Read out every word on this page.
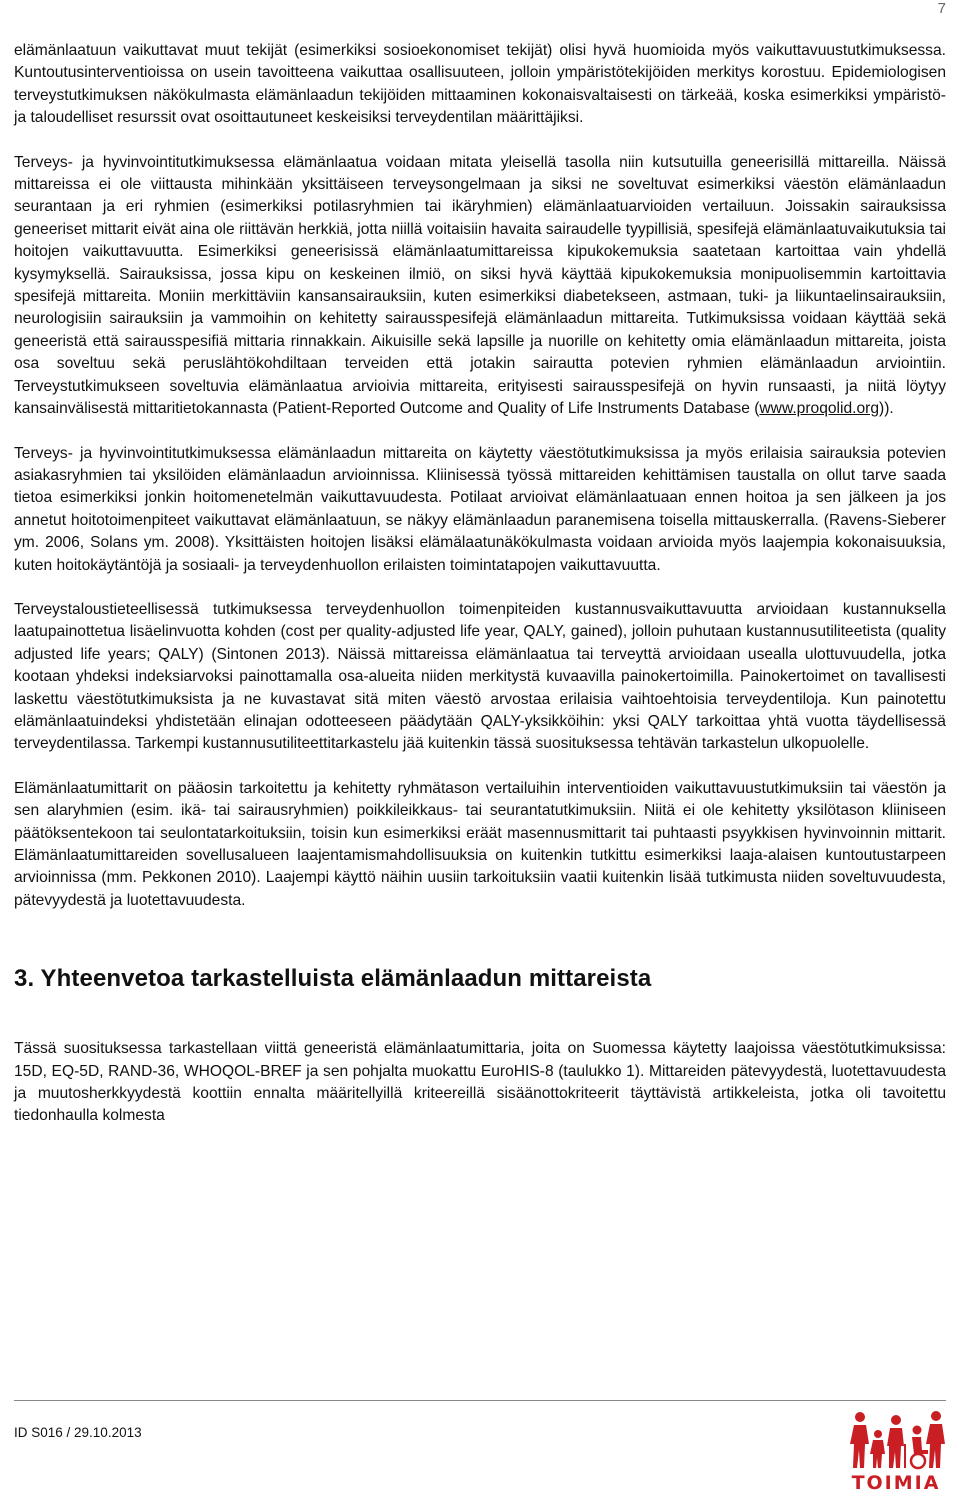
7

elämänlaatuun vaikuttavat muut tekijät (esimerkiksi sosioekonomiset tekijät) olisi hyvä huomioida myös vaikuttavuustutkimuksessa. Kuntoutusinterventioissa on usein tavoitteena vaikuttaa osallisuuteen, jolloin ympäristötekijöiden merkitys korostuu. Epidemiologisen terveystutkimuksen näkökulmasta elämänlaadun tekijöiden mittaaminen kokonaisvaltaisesti on tärkeää, koska esimerkiksi ympäristö- ja taloudelliset resurssit ovat osoittautuneet keskeisiksi terveydentilan määrittäjiksi.

Terveys- ja hyvinvointitutkimuksessa elämänlaatua voidaan mitata yleisellä tasolla niin kutsutuilla geneerisillä mittareilla. Näissä mittareissa ei ole viittausta mihinkään yksittäiseen terveysongelmaan ja siksi ne soveltuvat esimerkiksi väestön elämänlaadun seurantaan ja eri ryhmien (esimerkiksi potilasryhmien tai ikäryhmien) elämänlaatuarvioiden vertailuun. Joissakin sairauksissa geneeriset mittarit eivät aina ole riittävän herkkiä, jotta niillä voitaisiin havaita sairaudelle tyypillisiä, spesifejä elämänlaatuvaikutuksia tai hoitojen vaikuttavuutta. Esimerkiksi geneerisissä elämänlaatumittareissa kipukokemuksia saatetaan kartoittaa vain yhdellä kysymyksellä. Sairauksissa, jossa kipu on keskeinen ilmiö, on siksi hyvä käyttää kipukokemuksia monipuolisemmin kartoittavia spesifejä mittareita. Moniin merkittäviin kansansairauksiin, kuten esimerkiksi diabetekseen, astmaan, tuki- ja liikuntaelinsairauksiin, neurologisiin sairauksiin ja vammoihin on kehitetty sairausspesifejä elämänlaadun mittareita. Tutkimuksissa voidaan käyttää sekä geneeristä että sairausspesifiä mittaria rinnakkain. Aikuisille sekä lapsille ja nuorille on kehitetty omia elämänlaadun mittareita, joista osa soveltuu sekä peruslähtökohdiltaan terveiden että jotakin sairautta potevien ryhmien elämänlaadun arviointiin. Terveystutkimukseen soveltuvia elämänlaatua arvioivia mittareita, erityisesti sairausspesifejä on hyvin runsaasti, ja niitä löytyy kansainvälisestä mittaritietokannasta (Patient-Reported Outcome and Quality of Life Instruments Database (www.proqolid.org)).

Terveys- ja hyvinvointitutkimuksessa elämänlaadun mittareita on käytetty väestötutkimuksissa ja myös erilaisia sairauksia potevien asiakasryhmien tai yksilöiden elämänlaadun arvioinnissa. Kliinisessä työssä mittareiden kehittämisen taustalla on ollut tarve saada tietoa esimerkiksi jonkin hoitomenetelmän vaikuttavuudesta. Potilaat arvioivat elämänlaatuaan ennen hoitoa ja sen jälkeen ja jos annetut hoitotoimenpiteet vaikuttavat elämänlaatuun, se näkyy elämänlaadun paranemisena toisella mittauskerralla. (Ravens-Sieberer ym. 2006, Solans ym. 2008). Yksittäisten hoitojen lisäksi elämälaatunäkökulmasta voidaan arvioida myös laajempia kokonaisuuksia, kuten hoitokäytäntöjä ja sosiaali- ja terveydenhuollon erilaisten toimintatapojen vaikuttavuutta.

Terveystaloustieteellisessä tutkimuksessa terveydenhuollon toimenpiteiden kustannusvaikuttavuutta arvioidaan kustannuksella laatupainottetua lisäelinvuotta kohden (cost per quality-adjusted life year, QALY, gained), jolloin puhutaan kustannusutiliteetista (quality adjusted life years; QALY) (Sintonen 2013). Näissä mittareissa elämänlaatua tai terveyttä arvioidaan usealla ulottuvuudella, jotka kootaan yhdeksi indeksiarvoksi painottamalla osa-alueita niiden merkitystä kuvaavilla painokertoimilla. Painokertoimet on tavallisesti laskettu väestötutkimuksista ja ne kuvastavat sitä miten väestö arvostaa erilaisia vaihtoehtoisia terveydentiloja. Kun painotettu elämänlaatuindeksi yhdistetään elinajan odotteeseen päädytään QALY-yksikköihin: yksi QALY tarkoittaa yhtä vuotta täydellisessä terveydentilassa. Tarkempi kustannusutiliteettitarkastelu jää kuitenkin tässä suosituksessa tehtävän tarkastelun ulkopuolelle.

Elämänlaatumittarit on pääosin tarkoitettu ja kehitetty ryhmätason vertailuihin interventioiden vaikuttavuustutkimuksiin tai väestön ja sen alaryhmien (esim. ikä- tai sairausryhmien) poikkileikkaus- tai seurantatutkimuksiin. Niitä ei ole kehitetty yksilötason kliiniseen päätöksentekoon tai seulontatarkoituksiin, toisin kun esimerkiksi eräät masennusmittarit tai puhtaasti psyykkisen hyvinvoinnin mittarit. Elämänlaatumittareiden sovellusalueen laajentamismahdollisuuksia on kuitenkin tutkittu esimerkiksi laaja-alaisen kuntoutustarpeen arvioinnissa (mm. Pekkonen 2010). Laajempi käyttö näihin uusiin tarkoituksiin vaatii kuitenkin lisää tutkimusta niiden soveltuvuudesta, pätevyydestä ja luotettavuudesta.

3. Yhteenvetoa tarkastelluista elämänlaadun mittareista

Tässä suosituksessa tarkastellaan viittä geneeristä elämänlaatumittaria, joita on Suomessa käytetty laajoissa väestötutkimuksissa: 15D, EQ-5D, RAND-36, WHOQOL-BREF ja sen pohjalta muokattu EuroHIS-8 (taulukko 1). Mittareiden pätevyydestä, luotettavuudesta ja muutosherkkyydestä koottiin ennalta määritellyillä kriteereillä sisäänottokriteerit täyttävistä artikkeleista, jotka oli tavoitettu tiedonhaulla kolmesta

ID S016 / 29.10.2013
TOIMIA
